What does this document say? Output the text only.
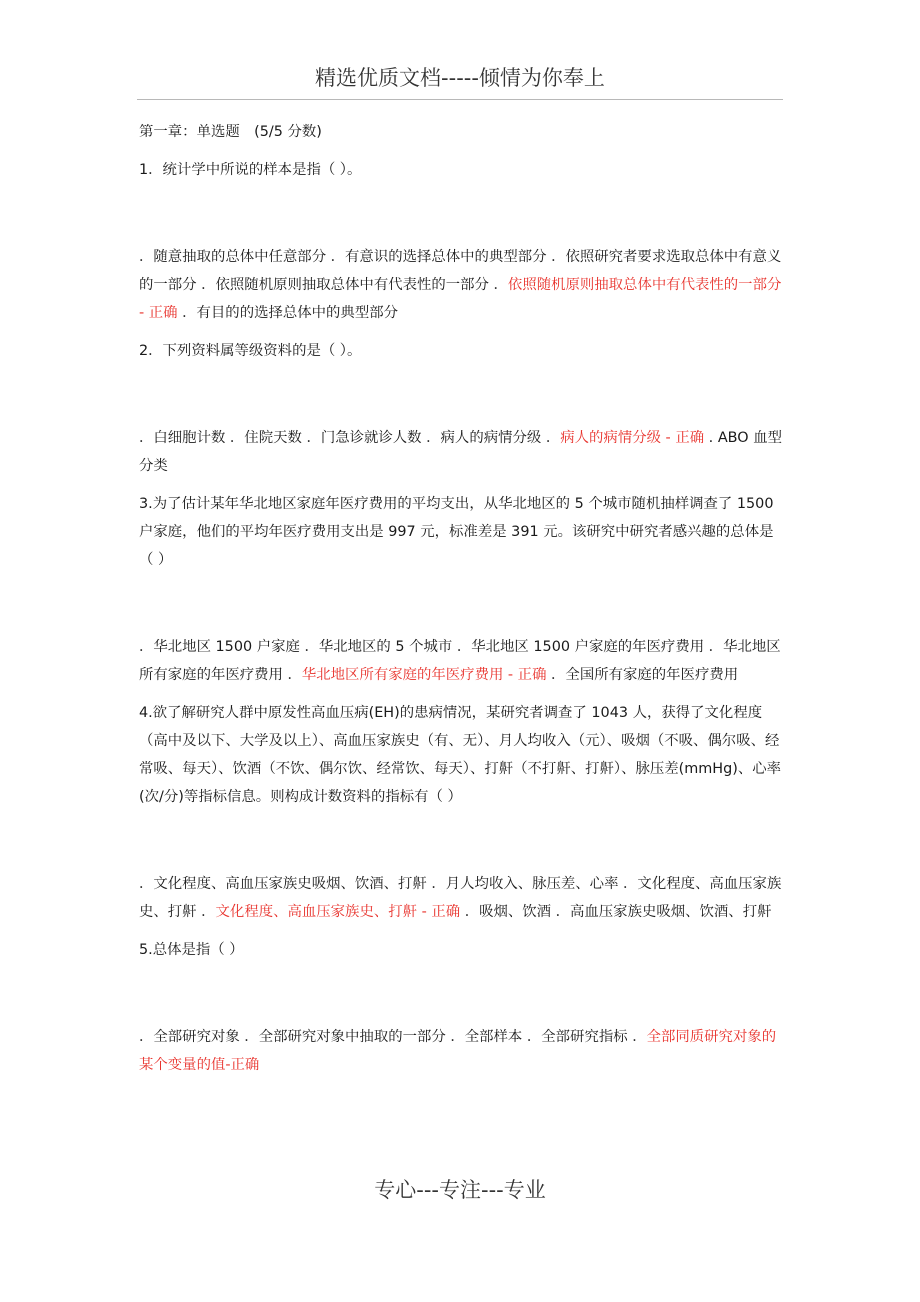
精选优质文档-----倾情为你奉上

第一章：单选题　(5/5 分数)

1．统计学中所说的样本是指（ ）。

．随意抽取的总体中任意部分 ．有意识的选择总体中的典型部分 ．依照研究者要求选取总体中有意义的一部分 ．依照随机原则抽取总体中有代表性的一部分 ．依照随机原则抽取总体中有代表性的一部分 - 正确 ．有目的的选择总体中的典型部分

2．下列资料属等级资料的是（ ）。

．白细胞计数 ．住院天数 ．门急诊就诊人数 ．病人的病情分级 ．病人的病情分级 - 正确 . ABO 血型分类

3.为了估计某年华北地区家庭年医疗费用的平均支出，从华北地区的 5 个城市随机抽样调查了 1500 户家庭，他们的平均年医疗费用支出是 997 元，标准差是 391 元。该研究中研究者感兴趣的总体是（ ）

．华北地区 1500 户家庭 ．华北地区的 5 个城市 ．华北地区 1500 户家庭的年医疗费用 ．华北地区所有家庭的年医疗费用 ．华北地区所有家庭的年医疗费用 - 正确 ．全国所有家庭的年医疗费用

4.欲了解研究人群中原发性高血压病(EH)的患病情况，某研究者调查了 1043 人，获得了文化程度（高中及以下、大学及以上）、高血压家族史（有、无）、月人均收入（元）、吸烟（不吸、偶尔吸、经常吸、每天）、饮酒（不饮、偶尔饮、经常饮、每天）、打鼾（不打鼾、打鼾）、脉压差(mmHg)、心率(次/分)等指标信息。则构成计数资料的指标有（ ）

．文化程度、高血压家族史吸烟、饮酒、打鼾 ．月人均收入、脉压差、心率 ．文化程度、高血压家族史、打鼾 ．文化程度、高血压家族史、打鼾 - 正确 ．吸烟、饮酒 ．高血压家族史吸烟、饮酒、打鼾

5.总体是指（ ）

．全部研究对象 ．全部研究对象中抽取的一部分 ．全部样本 ．全部研究指标 ．全部同质研究对象的某个变量的值-正确

专心---专注---专业
